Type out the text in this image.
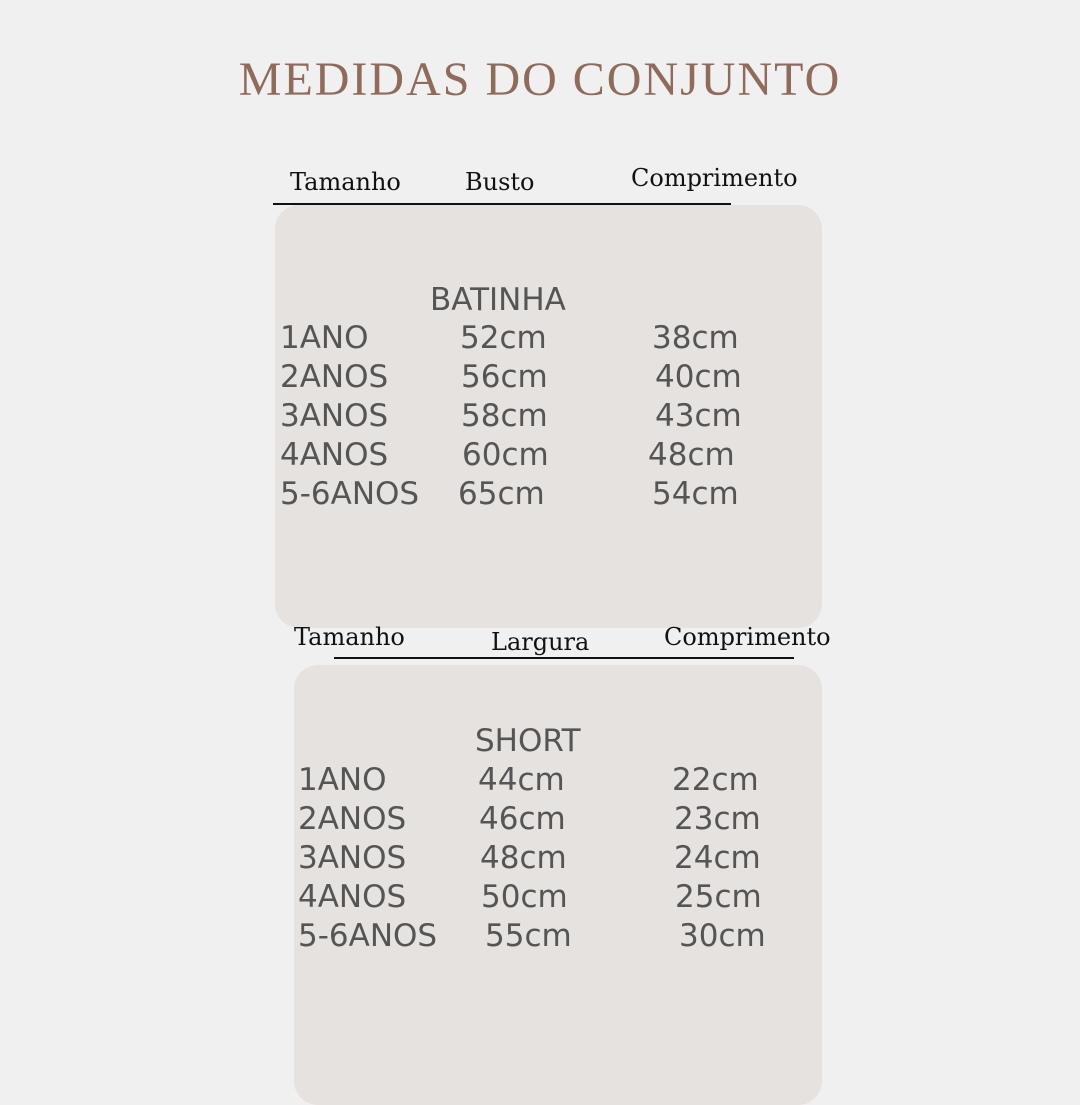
MEDIDAS DO CONJUNTO
Tamanho	Busto	Comprimento
BATINHA
1ANO	52cm	38cm
2ANOS 56cm	40cm
3ANOS 58cm	43cm
4ANOS 60cm	48cm
5-6ANOS 65cm	54cm
Tamanho	Largura	Comprimento
SHORT
1ANO	44cm	22cm
2ANOS 46cm	23cm
3ANOS 48cm	24cm
4ANOS 50cm	25cm
5-6ANOS 55cm	30cm
